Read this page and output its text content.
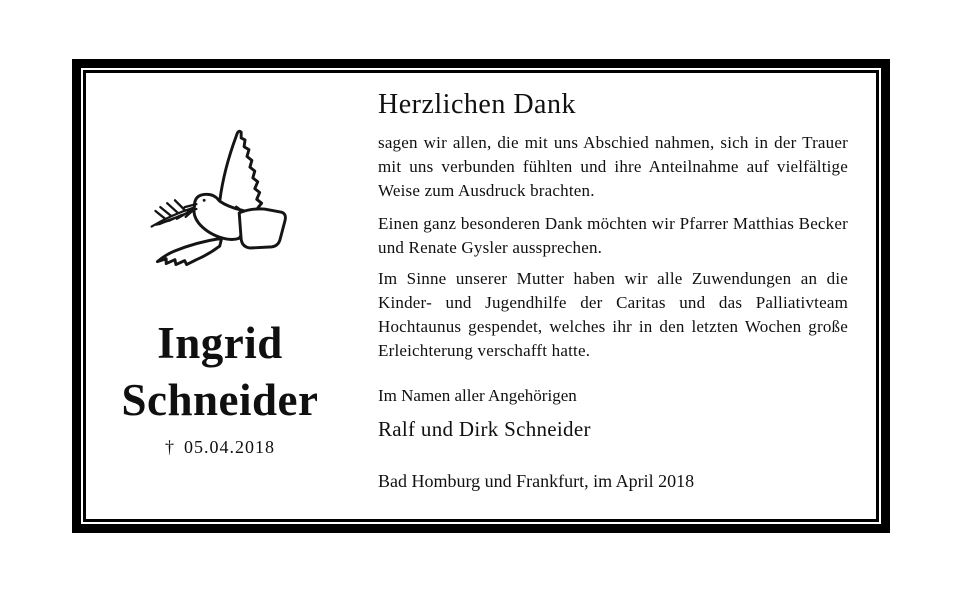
Ingrid
Schneider
† 05.04.2018
Herzlichen Dank

sagen wir allen, die mit uns Abschied nahmen, sich in der Trauer mit uns verbunden fühlten und ihre Anteilnahme auf vielfältige Weise zum Ausdruck brachten.

Einen ganz besonderen Dank möchten wir Pfarrer Matthias Becker und Renate Gysler aussprechen.

Im Sinne unserer Mutter haben wir alle Zuwendungen an die Kinder- und Jugendhilfe der Caritas und das Palliativteam Hochtaunus gespendet, welches ihr in den letzten Wochen große Erleichterung verschafft hatte.

Im Namen aller Angehörigen
Ralf und Dirk Schneider
Bad Homburg und Frankfurt, im April 2018
